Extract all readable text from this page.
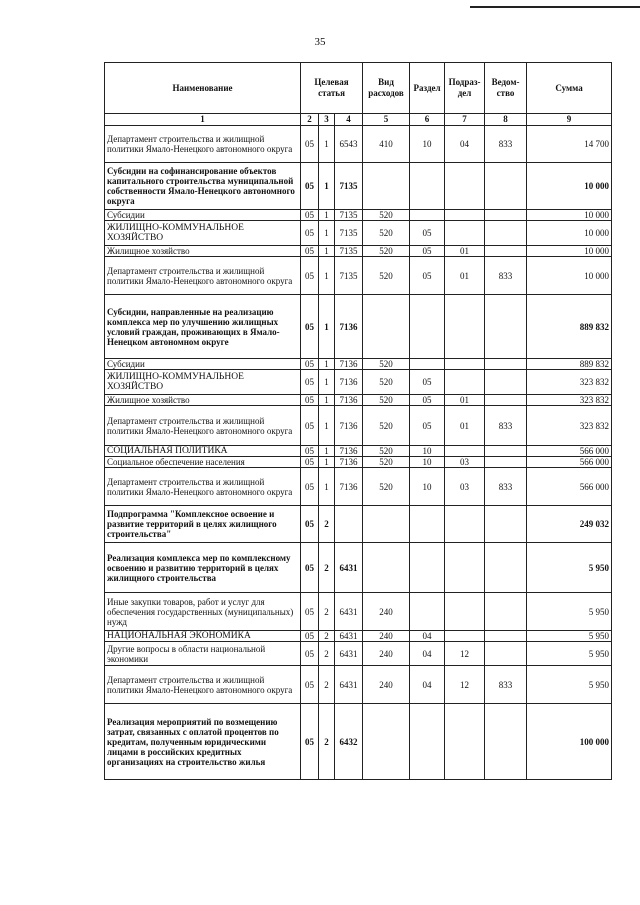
35
Наименование	Целевая статья			Вид расходов	Раздел	Подраз-дел	Ведом-ство	Сумма
1	2	3	4	5	6	7	8	9
Департамент строительства и жилищной политики Ямало-Ненецкого автономного округа	05	1	6543	410	10	04	833	14 700
Субсидии на софинансирование объектов капитального строительства муниципальной собственности Ямало-Ненецкого автономного округа	05	1	7135					10 000
Субсидии	05	1	7135	520				10 000
ЖИЛИЩНО-КОММУНАЛЬНОЕ ХОЗЯЙСТВО	05	1	7135	520	05			10 000
Жилищное хозяйство	05	1	7135	520	05	01		10 000
Департамент строительства и жилищной политики Ямало-Ненецкого автономного округа	05	1	7135	520	05	01	833	10 000
Субсидии, направленные на реализацию комплекса мер по улучшению жилищных условий граждан, проживающих в Ямало-Ненецком автономном округе	05	1	7136					889 832
Субсидии	05	1	7136	520				889 832
ЖИЛИЩНО-КОММУНАЛЬНОЕ ХОЗЯЙСТВО	05	1	7136	520	05			323 832
Жилищное хозяйство	05	1	7136	520	05	01		323 832
Департамент строительства и жилищной политики Ямало-Ненецкого автономного округа	05	1	7136	520	05	01	833	323 832
СОЦИАЛЬНАЯ ПОЛИТИКА	05	1	7136	520	10			566 000
Социальное обеспечение населения	05	1	7136	520	10	03		566 000
Департамент строительства и жилищной политики Ямало-Ненецкого автономного округа	05	1	7136	520	10	03	833	566 000
Подпрограмма "Комплексное освоение и развитие территорий в целях жилищного строительства"	05	2						249 032
Реализация комплекса мер по комплексному освоению и развитию территорий в целях жилищного строительства	05	2	6431					5 950
Иные закупки товаров, работ и услуг для обеспечения государственных (муниципальных) нужд	05	2	6431	240				5 950
НАЦИОНАЛЬНАЯ ЭКОНОМИКА	05	2	6431	240	04			5 950
Другие вопросы в области национальной экономики	05	2	6431	240	04	12		5 950
Департамент строительства и жилищной политики Ямало-Ненецкого автономного округа	05	2	6431	240	04	12	833	5 950
Реализация мероприятий по возмещению затрат, связанных с оплатой процентов по кредитам, полученным юридическими лицами в российских кредитных организациях на строительство жилья	05	2	6432					100 000
